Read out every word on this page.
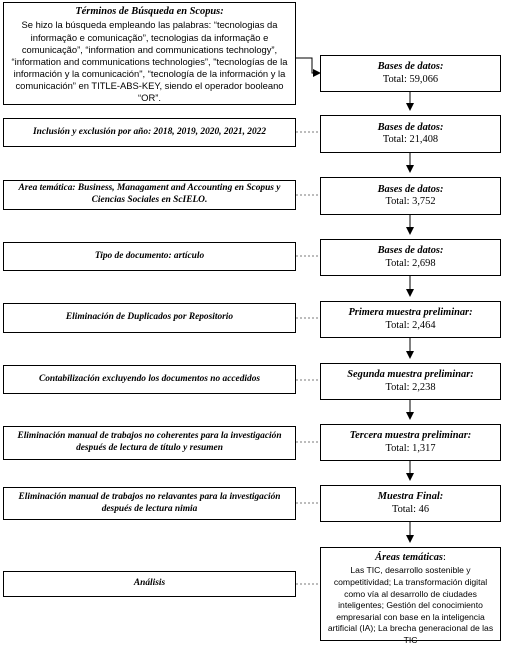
Términos de Búsqueda en Scopus:
Se hizo la búsqueda empleando las palabras: “tecnologias da informação e comunicação”, tecnologias da informação e comunicação”, “information and communications technology”, “information and communications technologies”, "tecnologías de la información y la comunicación", “tecnología de la información y la comunicación” en TITLE-ABS-KEY, siendo el operador booleano “OR”.
Bases de datos:
Total: 59,066
Inclusión y exclusión por año: 2018, 2019, 2020, 2021, 2022	Bases de datos:
Total: 21,408
Area temática: Business, Managament and Accounting en Scopus y Ciencias Sociales en ScIELO.
Bases de datos:
Total: 3,752
Tipo de documento: artículo	Bases de datos:
Total: 2,698
Eliminación de Duplicados por Repositorio	Primera muestra preliminar:
Total: 2,464
Contabilización excluyendo los documentos no accedidos	Segunda muestra preliminar:
Total: 2,238
Eliminación manual de trabajos no coherentes para la investigación después de lectura de título y resumen
Tercera muestra preliminar:
Total: 1,317
Eliminación manual de trabajos no relavantes para la investigación después de lectura nimia
Muestra Final:
Total: 46
Análisis
Áreas temáticas:
Las TIC, desarrollo sostenible y competitividad; La transformación digital como vía al desarrollo de ciudades inteligentes; Gestión del conocimiento empresarial con base en la inteligencia artificial (IA); La brecha generacional de las TIC
